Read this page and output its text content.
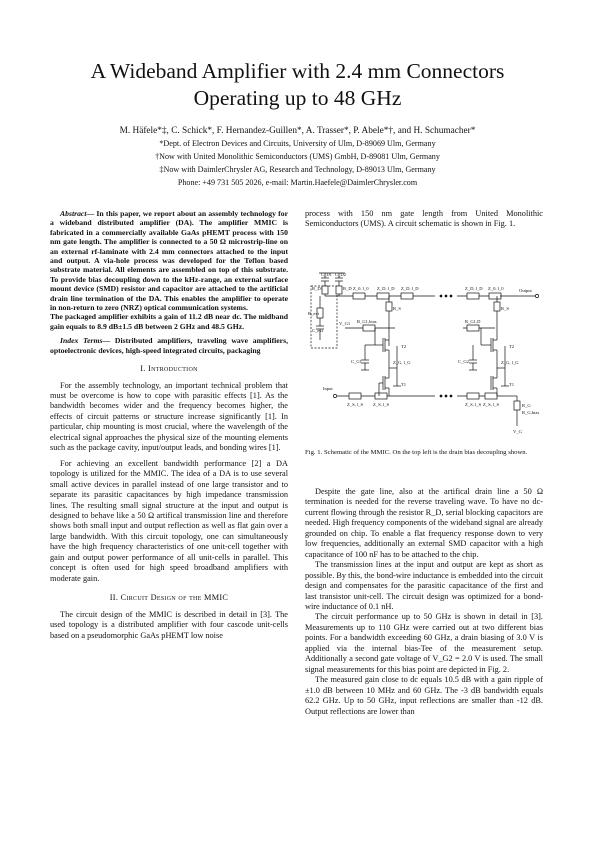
A Wideband Amplifier with 2.4 mm Connectors
Operating up to 48 GHz
M. Häfele*‡, C. Schick*, F. Hernandez-Guillen*, A. Trasser*, P. Abele*†, and H. Schumacher*
*Dept. of Electron Devices and Circuits, University of Ulm, D-89069 Ulm, Germany
†Now with United Monolithic Semiconductors (UMS) GmbH, D-89081 Ulm, Germany
‡Now with DaimlerChrysler AG, Research and Technology, D-89013 Ulm, Germany
Phone: +49 731 505 2026, e-mail: Martin.Haefele@DaimlerChrysler.com

Abstract— In this paper, we report about an assembly technology for a wideband distributed amplifier (DA). The amplifier MMIC is fabricated in a commercially available GaAs pHEMT process with 150 nm gate length. The amplifier is connected to a 50 Ω microstrip-line on an external rf-laminate with 2.4 mm connectors attached to the input and output. A via-hole process was developed for the Teflon based substrate material. All elements are assembled on top of this substrate. To provide bias decoupling down to the kHz-range, an external surface mount device (SMD) resistor and capacitor are attached to the artificial drain line termination of the DA. This enables the amplifier to operate in non-return to zero (NRZ) optical communication systems.

The packaged amplifier exhibits a gain of 11.2 dB near dc. The midband gain equals to 8.9 dB±1.5 dB between 2 GHz and 48.5 GHz.

Index Terms— Distributed amplifiers, traveling wave amplifiers, optoelectronic devices, high-speed integrated circuits, packaging

I. Introduction

For the assembly technology, an important technical problem that must be overcome is how to cope with parasitic effects [1]. As the bandwidth becomes wider and the frequency becomes higher, the effects of circuit patterns or structure increase significantly [1]. In particular, chip mounting is most crucial, where the wavelength of the electrical signal approaches the physical size of the mounting elements such as the package cavity, input/output leads, and bonding wires [1].

For achieving an excellent bandwidth performance [2] a DA topology is utilized for the MMIC. The idea of a DA is to use several small active devices in parallel instead of one large transistor and to separate its parasitic capacitances by high impedance transmission lines. The resulting small signal structure at the input and output is designed to behave like a 50 Ω artifical transmission line and therefore shows both small input and output reflection as well as flat gain over a large bandwidth. With this circuit topology, one can simultaneously have the high frequency characteristics of one unit-cell together with gain and output power performance of all unit-cells in parallel. This concept is often used for high speed broadband amplifiers with moderate gain.

II. Circuit Design of the MMIC

The circuit design of the MMIC is described in detail in [3]. The used topology is a distributed amplifier with four cascode unit-cells based on a pseudomorphic GaAs pHEMT low noise

process with 150 nm gate length from United Monolithic Semiconductors (UMS). A circuit schematic is shown in Fig. 1.

C_D1 C_D2
R_D1	R_D
C_ext
R_ext
Z_0, l_0 Z_D, l_D Z_D, l_D	Z_D, l_D Z_0, l_0
V_G1 R_G1,bias
C_G1
R_G1,D
C_G2
Z_G, l_G	Z_G, l_G
Z_S, l_S Z_S, l_S	Z_S, l_S Z_S, l_S
R_S	R_S
T2	T2
T1	T1
Input
Output
R_G
R_G,bias
V_G
Fig. 1. Schematic of the MMIC. On the top left is the drain bias decoupling shown.

Despite the gate line, also at the artifical drain line a 50 Ω termination is needed for the reverse traveling wave. To have no dc-current flowing through the resistor R_D, serial blocking capacitors are needed. High frequency components of the wideband signal are already grounded on chip. To enable a flat frequency response down to very low frequencies, additionally an external SMD capacitor with a high capacitance of 100 nF has to be attached to the chip.

The transmission lines at the input and output are kept as short as possible. By this, the bond-wire inductance is embedded into the circuit design and compensates for the parasitic capacitance of the first and last transistor unit-cell. The circuit design was optimized for a bond-wire inductance of 0.1 nH.

The circuit performance up to 50 GHz is shown in detail in [3]. Measurements up to 110 GHz were carried out at two different bias points. For a bandwidth exceeding 60 GHz, a drain biasing of 3.0 V is applied via the internal bias-Tee of the measurement setup. Additionally a second gate voltage of V_G2 = 2.0 V is used. The small signal measurements for this bias point are depicted in Fig. 2.

The measured gain close to dc equals 10.5 dB with a gain ripple of ±1.0 dB between 10 MHz and 60 GHz. The -3 dB bandwidth equals 62.2 GHz. Up to 50 GHz, input reflections are smaller than -12 dB. Output reflections are lower than
